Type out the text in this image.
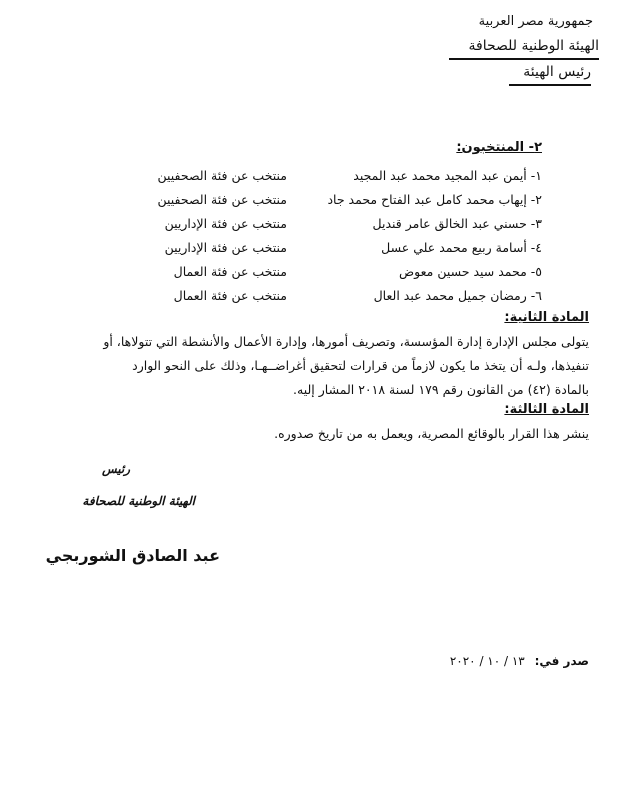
جمهورية مصر العربية
الهيئة الوطنية للصحافة
رئيس الهيئة
٢- المنتخبون:
١- أيمن عبد المجيد محمد عبد المجيد
منتخب عن فئة الصحفيين
٢- إيهاب محمد كامل عبد الفتاح محمد جاد
منتخب عن فئة الصحفيين
٣- حسني عبد الخالق عامر قنديل
منتخب عن فئة الإداريين
٤- أسامة ربيع محمد علي عسل
منتخب عن فئة الإداريين
٥- محمد سيد حسين معوض
منتخب عن فئة العمال
٦- رمضان جميل محمد عبد العال
منتخب عن فئة العمال
المادة الثانية:
يتولى مجلس الإدارة إدارة المؤسسة، وتصريف أمورها، وإدارة الأعمال والأنشطة التي تتولاها، أو
تنفيذها، ولـه أن يتخذ ما يكون لازماً من قرارات لتحقيق أغراضــهـا، وذلك على النحو الوارد
بالمادة (٤٢) من القانون رقم ١٧٩ لسنة ٢٠١٨ المشار إليه.
المادة الثالثة:
ينشر هذا القرار بالوقائع المصرية، ويعمل به من تاريخ صدوره.
رئيس
الهيئة الوطنية للصحافة
عبد الصادق الشوربجي
صدر في: ١٣ / ١٠ / ٢٠٢٠
